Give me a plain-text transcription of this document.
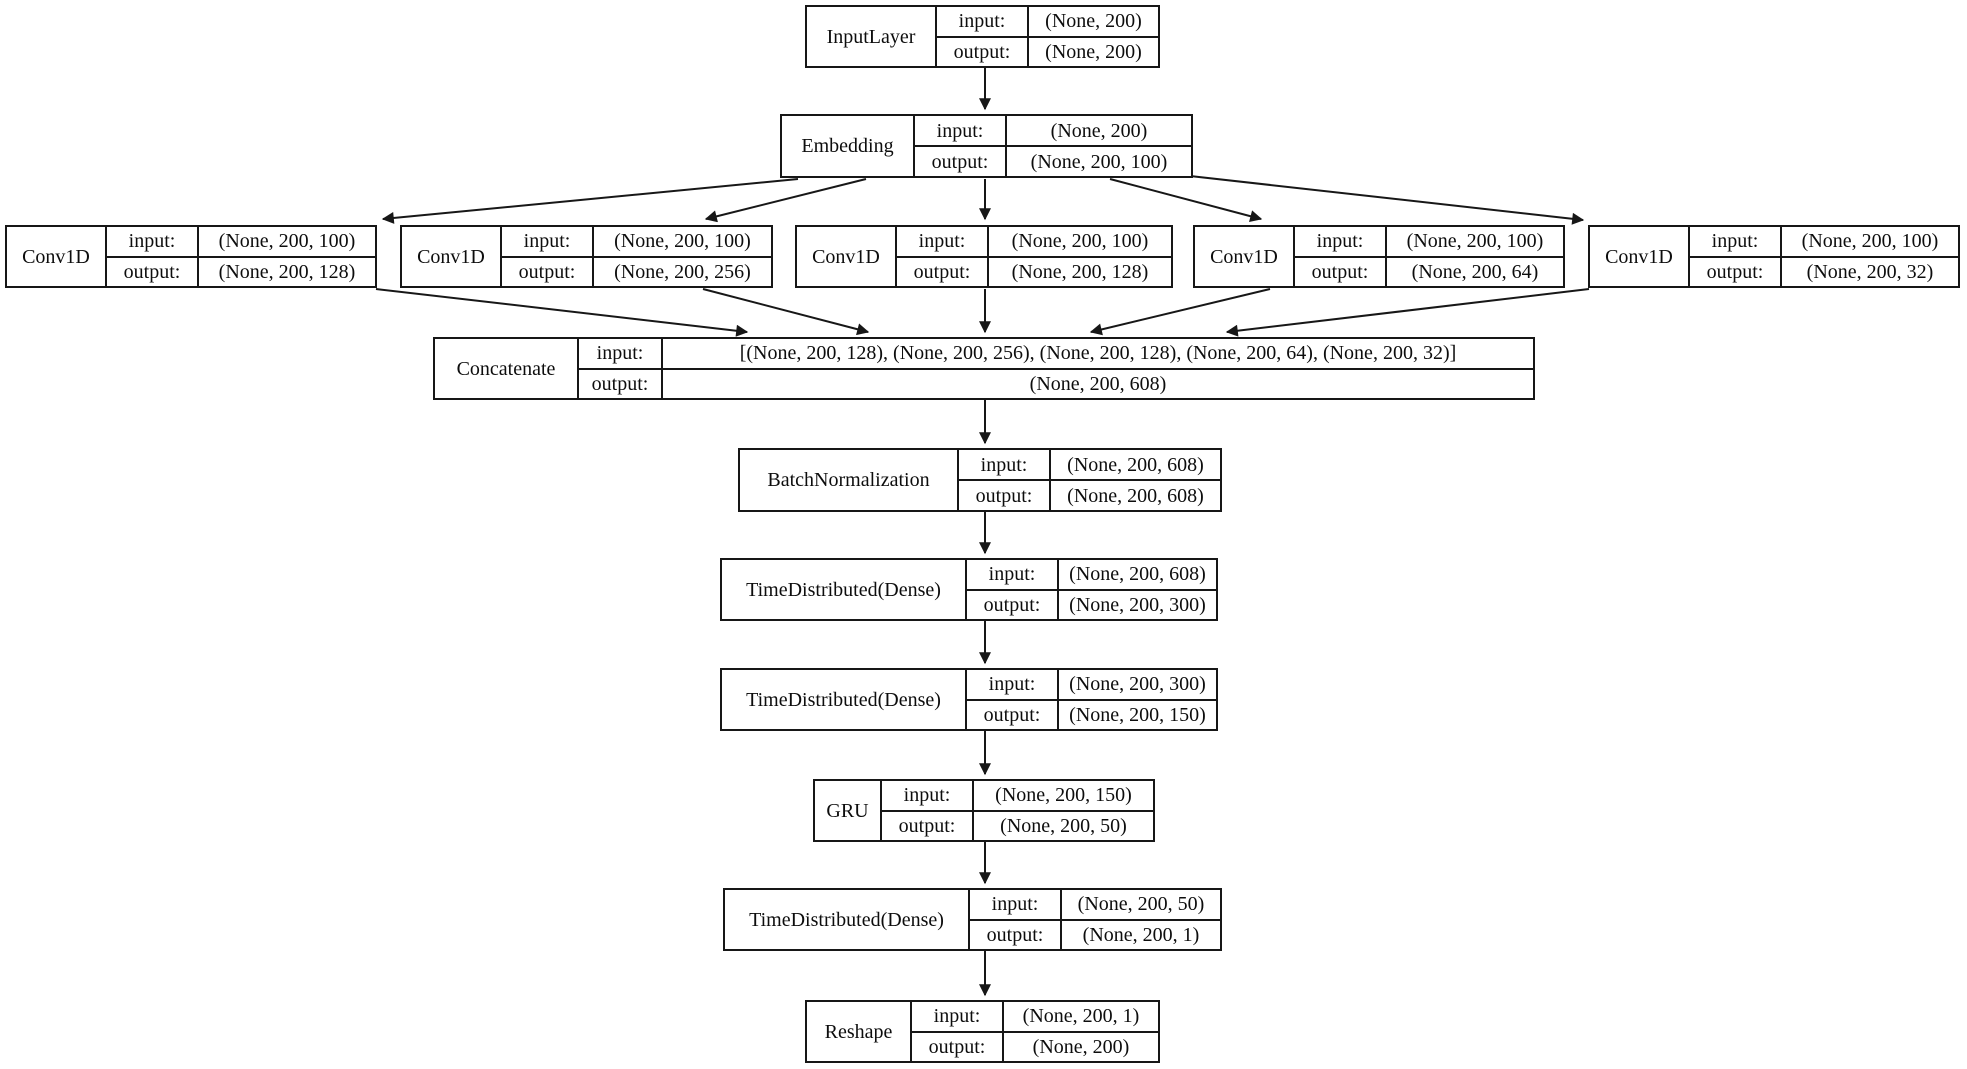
InputLayer
input:	(None, 200)
output:	(None, 200)
Embedding
input:	(None, 200)
output:	(None, 200, 100)
Conv1D
input:	(None, 200, 100)
output:	(None, 200, 128)
Conv1D
input:	(None, 200, 100)
output:	(None, 200, 256)
Conv1D
input:	(None, 200, 100)
output:	(None, 200, 128)
Conv1D
input:	(None, 200, 100)
output:	(None, 200, 64)
Conv1D
input:	(None, 200, 100)
output:	(None, 200, 32)
Concatenate
input:	[(None, 200, 128), (None, 200, 256), (None, 200, 128), (None, 200, 64), (None, 200, 32)]
output:	(None, 200, 608)
BatchNormalization
input:	(None, 200, 608)
output:	(None, 200, 608)
TimeDistributed(Dense)
input:	(None, 200, 608)
output:	(None, 200, 300)
TimeDistributed(Dense)
input:	(None, 200, 300)
output:	(None, 200, 150)
GRU
input:	(None, 200, 150)
output:	(None, 200, 50)
TimeDistributed(Dense)
input:	(None, 200, 50)
output:	(None, 200, 1)
Reshape
input:	(None, 200, 1)
output:	(None, 200)
